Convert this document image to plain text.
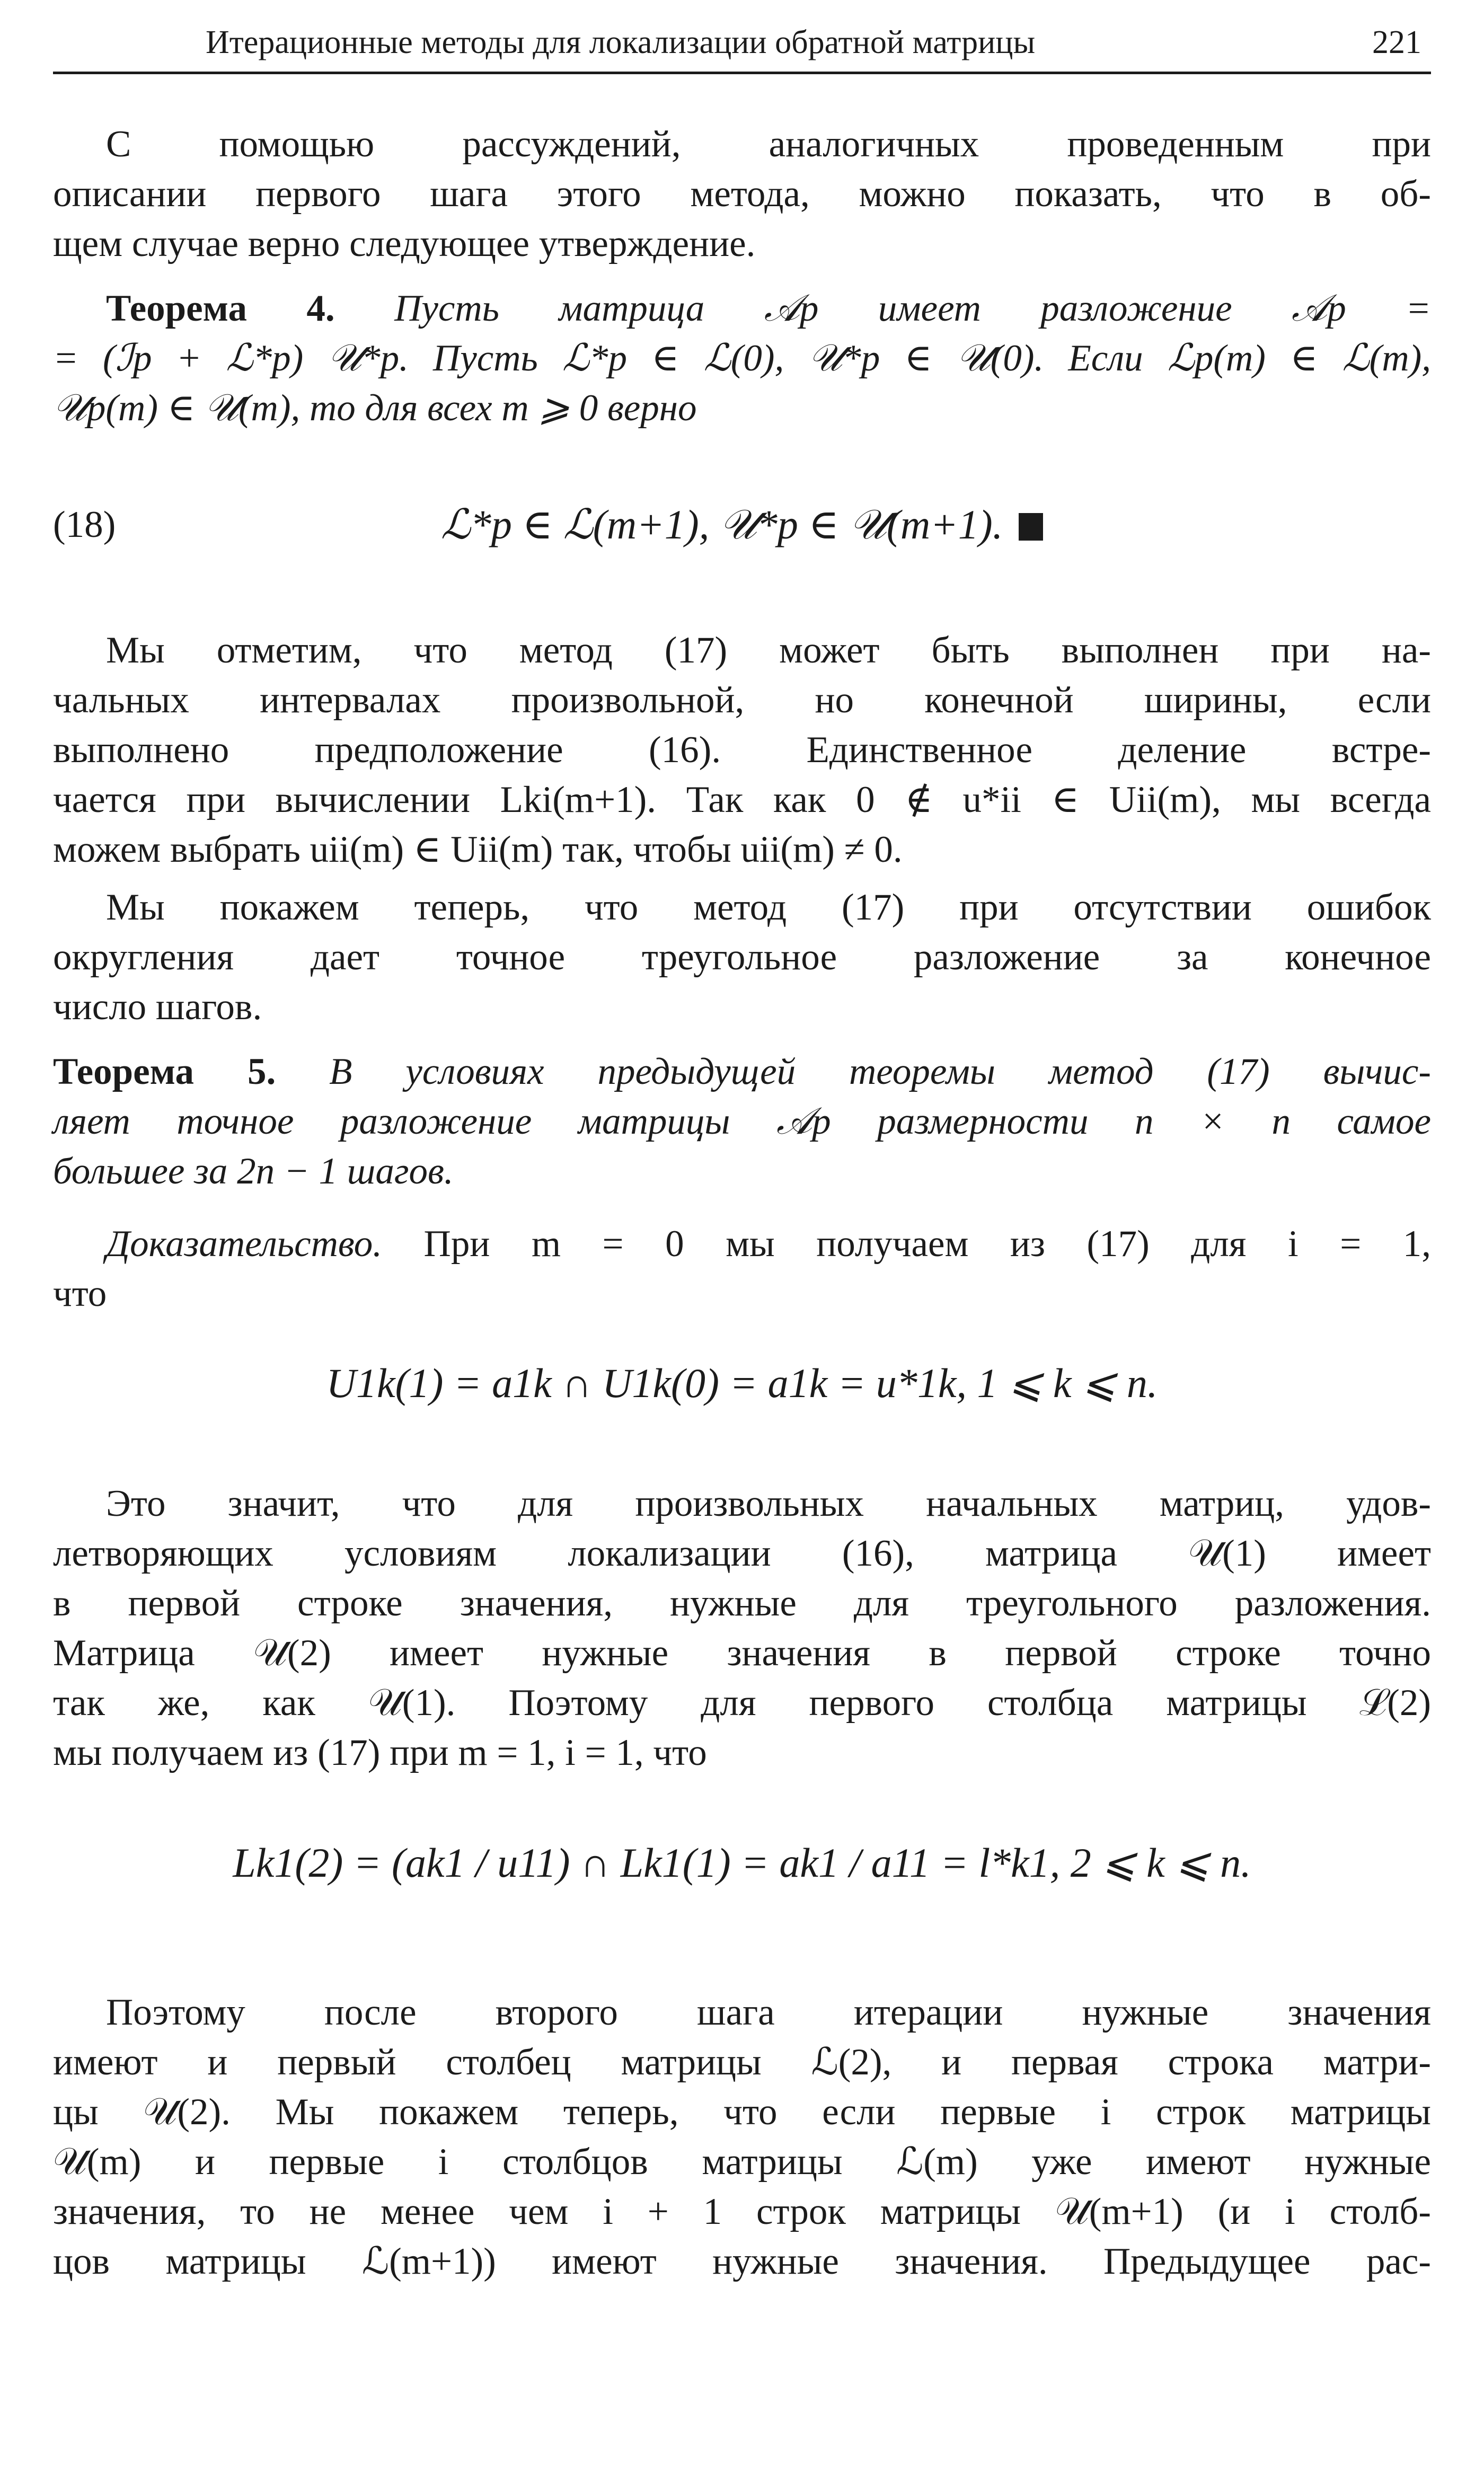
Итерационные методы для локализации обратной матрицы	221
С помощью рассуждений, аналогичных проведенным при
описании первого шага этого метода, можно показать, что в об-
щем случае верно следующее утверждение.
Теорема 4. Пусть матрица 𝒜p имеет разложение 𝒜p =
= (ℐp + ℒ*p) 𝒰*p. Пусть ℒ*p ∈ ℒ(0), 𝒰*p ∈ 𝒰(0). Если ℒp(m) ∈ ℒ(m),
𝒰p(m) ∈ 𝒰(m), то для всех m ⩾ 0 верно
(18)	ℒ*p ∈ ℒ(m+1), 𝒰*p ∈ 𝒰(m+1).
Мы отметим, что метод (17) может быть выполнен при на-
чальных интервалах произвольной, но конечной ширины, если
выполнено предположение (16). Единственное деление встре-
чается при вычислении Lki(m+1). Так как 0 ∉ u*ii ∈ Uii(m), мы всегда
можем выбрать uii(m) ∈ Uii(m) так, чтобы uii(m) ≠ 0.
Мы покажем теперь, что метод (17) при отсутствии ошибок
округления дает точное треугольное разложение за конечное
число шагов.
Теорема 5. В условиях предыдущей теоремы метод (17) вычис-
ляет точное разложение матрицы 𝒜p размерности n × n самое
большее за 2n − 1 шагов.
Доказательство. При m = 0 мы получаем из (17) для i = 1,
что
U1k(1) = a1k ∩ U1k(0) = a1k = u*1k, 1 ⩽ k ⩽ n.
Это значит, что для произвольных начальных матриц, удов-
летворяющих условиям локализации (16), матрица 𝒰(1) имеет
в первой строке значения, нужные для треугольного разложения.
Матрица 𝒰(2) имеет нужные значения в первой строке точно
так же, как 𝒰(1). Поэтому для первого столбца матрицы ℒ(2)
мы получаем из (17) при m = 1, i = 1, что
Lk1(2) = (ak1 / u11) ∩ Lk1(1) = ak1 / a11 = l*k1, 2 ⩽ k ⩽ n.
Поэтому после второго шага итерации нужные значения
имеют и первый столбец матрицы ℒ(2), и первая строка матри-
цы 𝒰(2). Мы покажем теперь, что если первые i строк матрицы
𝒰(m) и первые i столбцов матрицы ℒ(m) уже имеют нужные
значения, то не менее чем i + 1 строк матрицы 𝒰(m+1) (и i столб-
цов матрицы ℒ(m+1)) имеют нужные значения. Предыдущее рас-
